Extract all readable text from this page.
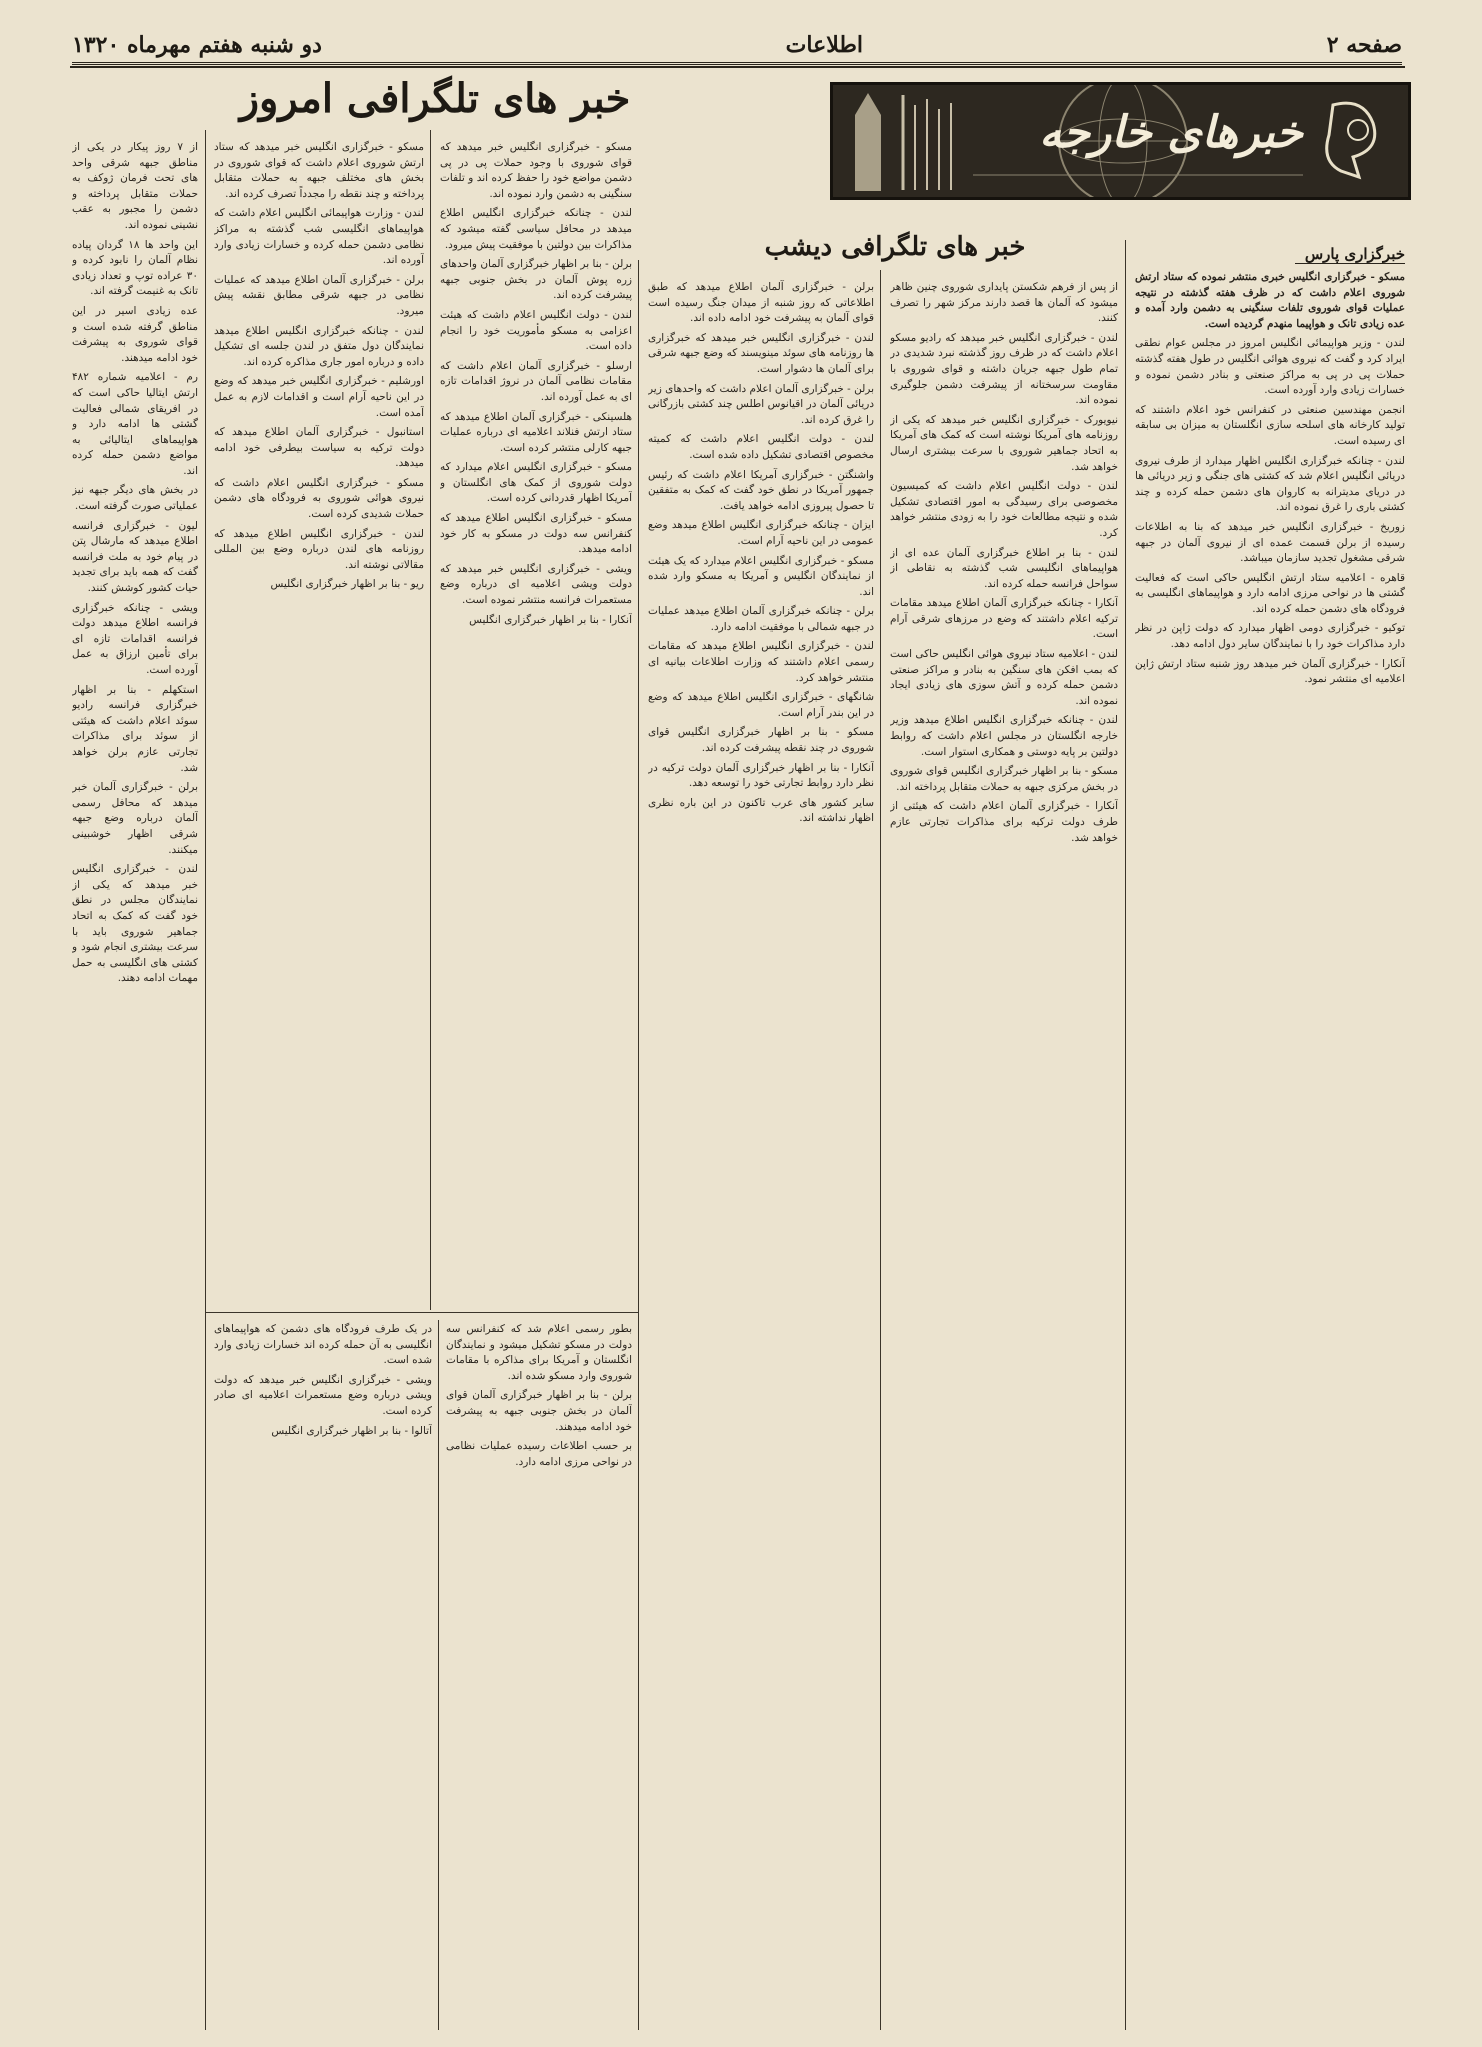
صفحه ۲
اطلاعات
دو شنبه هفتم مهرماه ۱۳۲۰
خبرهای خارجه
خبر های تلگرافی امروز
خبر های تلگرافی دیشب	خبرگزاری پارس

مسکو - خبرگزاری انگلیس خبری منتشر نموده که ستاد ارتش شوروی اعلام داشت که در ظرف هفته گذشته در نتیجه عملیات قوای شوروی تلفات سنگینی به دشمن وارد آمده و عده زیادی تانک و هواپیما منهدم گردیده است.

لندن - وزیر هواپیمائی انگلیس امروز در مجلس عوام نطقی ایراد کرد و گفت که نیروی هوائی انگلیس در طول هفته گذشته حملات پی در پی به مراکز صنعتی و بنادر دشمن نموده و خسارات زیادی وارد آورده است.

انجمن مهندسین صنعتی در کنفرانس خود اعلام داشتند که تولید کارخانه های اسلحه سازی انگلستان به میزان بی سابقه ای رسیده است.

لندن - چنانکه خبرگزاری انگلیس اظهار میدارد از طرف نیروی دریائی انگلیس اعلام شد که کشتی های جنگی و زیر دریائی ها در دریای مدیترانه به کاروان های دشمن حمله کرده و چند کشتی باری را غرق نموده اند.

زوریخ - خبرگزاری انگلیس خبر میدهد که بنا به اطلاعات رسیده از برلن قسمت عمده ای از نیروی آلمان در جبهه شرقی مشغول تجدید سازمان میباشد.

قاهره - اعلامیه ستاد ارتش انگلیس حاکی است که فعالیت گشتی ها در نواحی مرزی ادامه دارد و هواپیماهای انگلیسی به فرودگاه های دشمن حمله کرده اند.

توکیو - خبرگزاری دومی اظهار میدارد که دولت ژاپن در نظر دارد مذاکرات خود را با نمایندگان سایر دول ادامه دهد.

آنکارا - خبرگزاری آلمان خبر میدهد روز شنبه ستاد ارتش ژاپن اعلامیه ای منتشر نمود.

از پس از فرهم شکستن پایداری شوروی چنین ظاهر میشود که آلمان ها قصد دارند مرکز شهر را تصرف کنند.

لندن - خبرگزاری انگلیس خبر میدهد که رادیو مسکو اعلام داشت که در ظرف روز گذشته نبرد شدیدی در تمام طول جبهه جریان داشته و قوای شوروی با مقاومت سرسختانه از پیشرفت دشمن جلوگیری نموده اند.

نیویورک - خبرگزاری انگلیس خبر میدهد که یکی از روزنامه های آمریکا نوشته است که کمک های آمریکا به اتحاد جماهیر شوروی با سرعت بیشتری ارسال خواهد شد.

لندن - دولت انگلیس اعلام داشت که کمیسیون مخصوصی برای رسیدگی به امور اقتصادی تشکیل شده و نتیجه مطالعات خود را به زودی منتشر خواهد کرد.

لندن - بنا بر اطلاع خبرگزاری آلمان عده ای از هواپیماهای انگلیسی شب گذشته به نقاطی از سواحل فرانسه حمله کرده اند.

آنکارا - چنانکه خبرگزاری آلمان اطلاع میدهد مقامات ترکیه اعلام داشتند که وضع در مرزهای شرقی آرام است.

لندن - اعلامیه ستاد نیروی هوائی انگلیس حاکی است که بمب افکن های سنگین به بنادر و مراکز صنعتی دشمن حمله کرده و آتش سوزی های زیادی ایجاد نموده اند.

لندن - چنانکه خبرگزاری انگلیس اطلاع میدهد وزیر خارجه انگلستان در مجلس اعلام داشت که روابط دولتین بر پایه دوستی و همکاری استوار است.

مسکو - بنا بر اظهار خبرگزاری انگلیس قوای شوروی در بخش مرکزی جبهه به حملات متقابل پرداخته اند.

آنکارا - خبرگزاری آلمان اعلام داشت که هیئتی از طرف دولت ترکیه برای مذاکرات تجارتی عازم خواهد شد.

برلن - خبرگزاری آلمان اطلاع میدهد که طبق اطلاعاتی که روز شنبه از میدان جنگ رسیده است قوای آلمان به پیشرفت خود ادامه داده اند.

لندن - خبرگزاری انگلیس خبر میدهد که خبرگزاری ها روزنامه های سوئد مینویسند که وضع جبهه شرقی برای آلمان ها دشوار است.

برلن - خبرگزاری آلمان اعلام داشت که واحدهای زیر دریائی آلمان در اقیانوس اطلس چند کشتی بازرگانی را غرق کرده اند.

لندن - دولت انگلیس اعلام داشت که کمیته مخصوص اقتصادی تشکیل داده شده است.

واشنگتن - خبرگزاری آمریکا اعلام داشت که رئیس جمهور آمریکا در نطق خود گفت که کمک به متفقین تا حصول پیروزی ادامه خواهد یافت.

ایزان - چنانکه خبرگزاری انگلیس اطلاع میدهد وضع عمومی در این ناحیه آرام است.

مسکو - خبرگزاری انگلیس اعلام میدارد که یک هیئت از نمایندگان انگلیس و آمریکا به مسکو وارد شده اند.

برلن - چنانکه خبرگزاری آلمان اطلاع میدهد عملیات در جبهه شمالی با موفقیت ادامه دارد.

لندن - خبرگزاری انگلیس اطلاع میدهد که مقامات رسمی اعلام داشتند که وزارت اطلاعات بیانیه ای منتشر خواهد کرد.

شانگهای - خبرگزاری انگلیس اطلاع میدهد که وضع در این بندر آرام است.

مسکو - بنا بر اظهار خبرگزاری انگلیس قوای شوروی در چند نقطه پیشرفت کرده اند.

آنکارا - بنا بر اظهار خبرگزاری آلمان دولت ترکیه در نظر دارد روابط تجارتی خود را توسعه دهد.

سایر کشور های عرب تاکنون در این باره نظری اظهار نداشته اند.

مسکو - خبرگزاری انگلیس خبر میدهد که قوای شوروی با وجود حملات پی در پی دشمن مواضع خود را حفظ کرده اند و تلفات سنگینی به دشمن وارد نموده اند.

لندن - چنانکه خبرگزاری انگلیس اطلاع میدهد در محافل سیاسی گفته میشود که مذاکرات بین دولتین با موفقیت پیش میرود.

برلن - بنا بر اظهار خبرگزاری آلمان واحدهای زره پوش آلمان در بخش جنوبی جبهه پیشرفت کرده اند.

لندن - دولت انگلیس اعلام داشت که هیئت اعزامی به مسکو مأموریت خود را انجام داده است.

ارسلو - خبرگزاری آلمان اعلام داشت که مقامات نظامی آلمان در نروژ اقدامات تازه ای به عمل آورده اند.

هلسینکی - خبرگزاری آلمان اطلاع میدهد که ستاد ارتش فنلاند اعلامیه ای درباره عملیات جبهه کارلی منتشر کرده است.

مسکو - خبرگزاری انگلیس اعلام میدارد که دولت شوروی از کمک های انگلستان و آمریکا اظهار قدردانی کرده است.

مسکو - خبرگزاری انگلیس اطلاع میدهد که کنفرانس سه دولت در مسکو به کار خود ادامه میدهد.

ویشی - خبرگزاری انگلیس خبر میدهد که دولت ویشی اعلامیه ای درباره وضع مستعمرات فرانسه منتشر نموده است.

آنکارا - بنا بر اظهار خبرگزاری انگلیس

مسکو - خبرگزاری انگلیس خبر میدهد که ستاد ارتش شوروی اعلام داشت که قوای شوروی در بخش های مختلف جبهه به حملات متقابل پرداخته و چند نقطه را مجدداً تصرف کرده اند.

لندن - وزارت هواپیمائی انگلیس اعلام داشت که هواپیماهای انگلیسی شب گذشته به مراکز نظامی دشمن حمله کرده و خسارات زیادی وارد آورده اند.

برلن - خبرگزاری آلمان اطلاع میدهد که عملیات نظامی در جبهه شرقی مطابق نقشه پیش میرود.

لندن - چنانکه خبرگزاری انگلیس اطلاع میدهد نمایندگان دول متفق در لندن جلسه ای تشکیل داده و درباره امور جاری مذاکره کرده اند.

اورشلیم - خبرگزاری انگلیس خبر میدهد که وضع در این ناحیه آرام است و اقدامات لازم به عمل آمده است.

استانبول - خبرگزاری آلمان اطلاع میدهد که دولت ترکیه به سیاست بیطرفی خود ادامه میدهد.

مسکو - خبرگزاری انگلیس اعلام داشت که نیروی هوائی شوروی به فرودگاه های دشمن حملات شدیدی کرده است.

لندن - خبرگزاری انگلیس اطلاع میدهد که روزنامه های لندن درباره وضع بین المللی مقالاتی نوشته اند.

ریو - بنا بر اظهار خبرگزاری انگلیس

از ۷ روز پیکار در یکی از مناطق جبهه شرقی واحد های تحت فرمان ژوکف به حملات متقابل پرداخته و دشمن را مجبور به عقب نشینی نموده اند.

این واحد ها ۱۸ گردان پیاده نظام آلمان را نابود کرده و ۳۰ عراده توپ و تعداد زیادی تانک به غنیمت گرفته اند.

عده زیادی اسیر در این مناطق گرفته شده است و قوای شوروی به پیشرفت خود ادامه میدهند.

رم - اعلامیه شماره ۴۸۲ ارتش ایتالیا حاکی است که در افریقای شمالی فعالیت گشتی ها ادامه دارد و هواپیماهای ایتالیائی به مواضع دشمن حمله کرده اند.

در بخش های دیگر جبهه نیز عملیاتی صورت گرفته است.

لیون - خبرگزاری فرانسه اطلاع میدهد که مارشال پتن در پیام خود به ملت فرانسه گفت که همه باید برای تجدید حیات کشور کوشش کنند.

ویشی - چنانکه خبرگزاری فرانسه اطلاع میدهد دولت فرانسه اقدامات تازه ای برای تأمین ارزاق به عمل آورده است.

استکهلم - بنا بر اظهار خبرگزاری فرانسه رادیو سوئد اعلام داشت که هیئتی از سوئد برای مذاکرات تجارتی عازم برلن خواهد شد.

برلن - خبرگزاری آلمان خبر میدهد که محافل رسمی آلمان درباره وضع جبهه شرقی اظهار خوشبینی میکنند.

لندن - خبرگزاری انگلیس خبر میدهد که یکی از نمایندگان مجلس در نطق خود گفت که کمک به اتحاد جماهیر شوروی باید با سرعت بیشتری انجام شود و کشتی های انگلیسی به حمل مهمات ادامه دهند.

بطور رسمی اعلام شد که کنفرانس سه دولت در مسکو تشکیل میشود و نمایندگان انگلستان و آمریکا برای مذاکره با مقامات شوروی وارد مسکو شده اند.

برلن - بنا بر اظهار خبرگزاری آلمان قوای آلمان در بخش جنوبی جبهه به پیشرفت خود ادامه میدهند.

بر حسب اطلاعات رسیده عملیات نظامی در نواحی مرزی ادامه دارد.

در یک طرف فرودگاه های دشمن که هواپیماهای انگلیسی به آن حمله کرده اند خسارات زیادی وارد شده است.

ویشی - خبرگزاری انگلیس خبر میدهد که دولت ویشی درباره وضع مستعمرات اعلامیه ای صادر کرده است.

آتالوا - بنا بر اظهار خبرگزاری انگلیس
